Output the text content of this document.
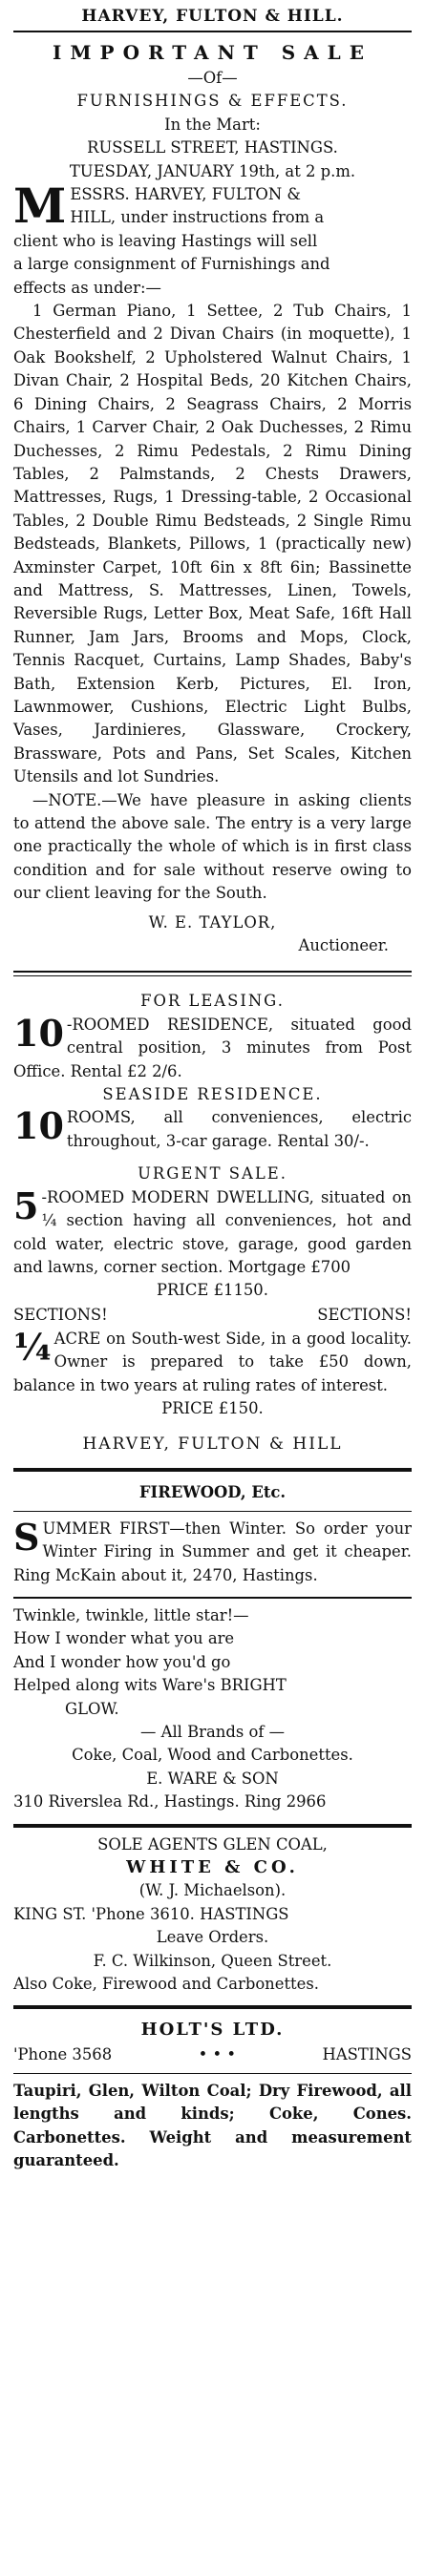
HARVEY, FULTON & HILL.
IMPORTANT SALE
—Of—
FURNISHINGS & EFFECTS.
In the Mart:
RUSSELL STREET, HASTINGS.
TUESDAY, JANUARY 19th, at 2 p.m.
M ESSRS. HARVEY, FULTON &
HILL, under instructions from a
client who is leaving Hastings will sell
a large consignment of Furnishings and
effects as under:—
1 German Piano, 1 Settee, 2 Tub Chairs, 1 Chesterfield and 2 Divan Chairs (in moquette), 1 Oak Bookshelf, 2 Upholstered Walnut Chairs, 1 Divan Chair, 2 Hospital Beds, 20 Kitchen Chairs, 6 Dining Chairs, 2 Seagrass Chairs, 2 Morris Chairs, 1 Carver Chair, 2 Oak Duchesses, 2 Rimu Duchesses, 2 Rimu Pedestals, 2 Rimu Dining Tables, 2 Palmstands, 2 Chests Drawers, Mattresses, Rugs, 1 Dressing-table, 2 Occasional Tables, 2 Double Rimu Bedsteads, 2 Single Rimu Bedsteads, Blankets, Pillows, 1 (practically new) Axminster Carpet, 10ft 6in x 8ft 6in; Bassinette and Mattress, S. Mattresses, Linen, Towels, Reversible Rugs, Letter Box, Meat Safe, 16ft Hall Runner, Jam Jars, Brooms and Mops, Clock, Tennis Racquet, Curtains, Lamp Shades, Baby's Bath, Extension Kerb, Pictures, El. Iron, Lawnmower, Cushions, Electric Light Bulbs, Vases, Jardinieres, Glassware, Crockery, Brassware, Pots and Pans, Set Scales, Kitchen Utensils and lot Sundries.
—NOTE.—We have pleasure in asking clients to attend the above sale. The entry is a very large one practically the whole of which is in first class condition and for sale without reserve owing to our client leaving for the South.
W. E. TAYLOR,
Auctioneer.
FOR LEASING.
10 -ROOMED RESIDENCE, situated good central position, 3 minutes from Post Office. Rental £2 2/6.
SEASIDE RESIDENCE.
10 ROOMS, all conveniences, electric throughout, 3-car garage. Rental 30/-.
URGENT SALE.
5 -ROOMED MODERN DWELLING, situated on ¼ section having all conveniences, hot and cold water, electric stove, garage, good garden and lawns, corner section. Mortgage £700
PRICE £1150.
SECTIONS!	SECTIONS!
¼ ACRE on South-west Side, in a good locality. Owner is prepared to take £50 down, balance in two years at ruling rates of interest.
PRICE £150.
HARVEY, FULTON & HILL
FIREWOOD, Etc.
S UMMER FIRST—then Winter. So order your Winter Firing in Summer and get it cheaper. Ring McKain about it, 2470, Hastings.
Twinkle, twinkle, little star!—
How I wonder what you are
And I wonder how you'd go
Helped along wits Ware's BRIGHT
GLOW.
— All Brands of —
Coke, Coal, Wood and Carbonettes.
E. WARE & SON
310 Riverslea Rd., Hastings. Ring 2966
SOLE AGENTS GLEN COAL,
WHITE & CO.
(W. J. Michaelson).
KING ST. 'Phone 3610. HASTINGS
Leave Orders.
F. C. Wilkinson, Queen Street.
Also Coke, Firewood and Carbonettes.
HOLT'S LTD.
'Phone 3568	• • •	HASTINGS
Taupiri, Glen, Wilton Coal; Dry Firewood, all lengths and kinds; Coke, Cones. Carbonettes. Weight and measurement guaranteed.
